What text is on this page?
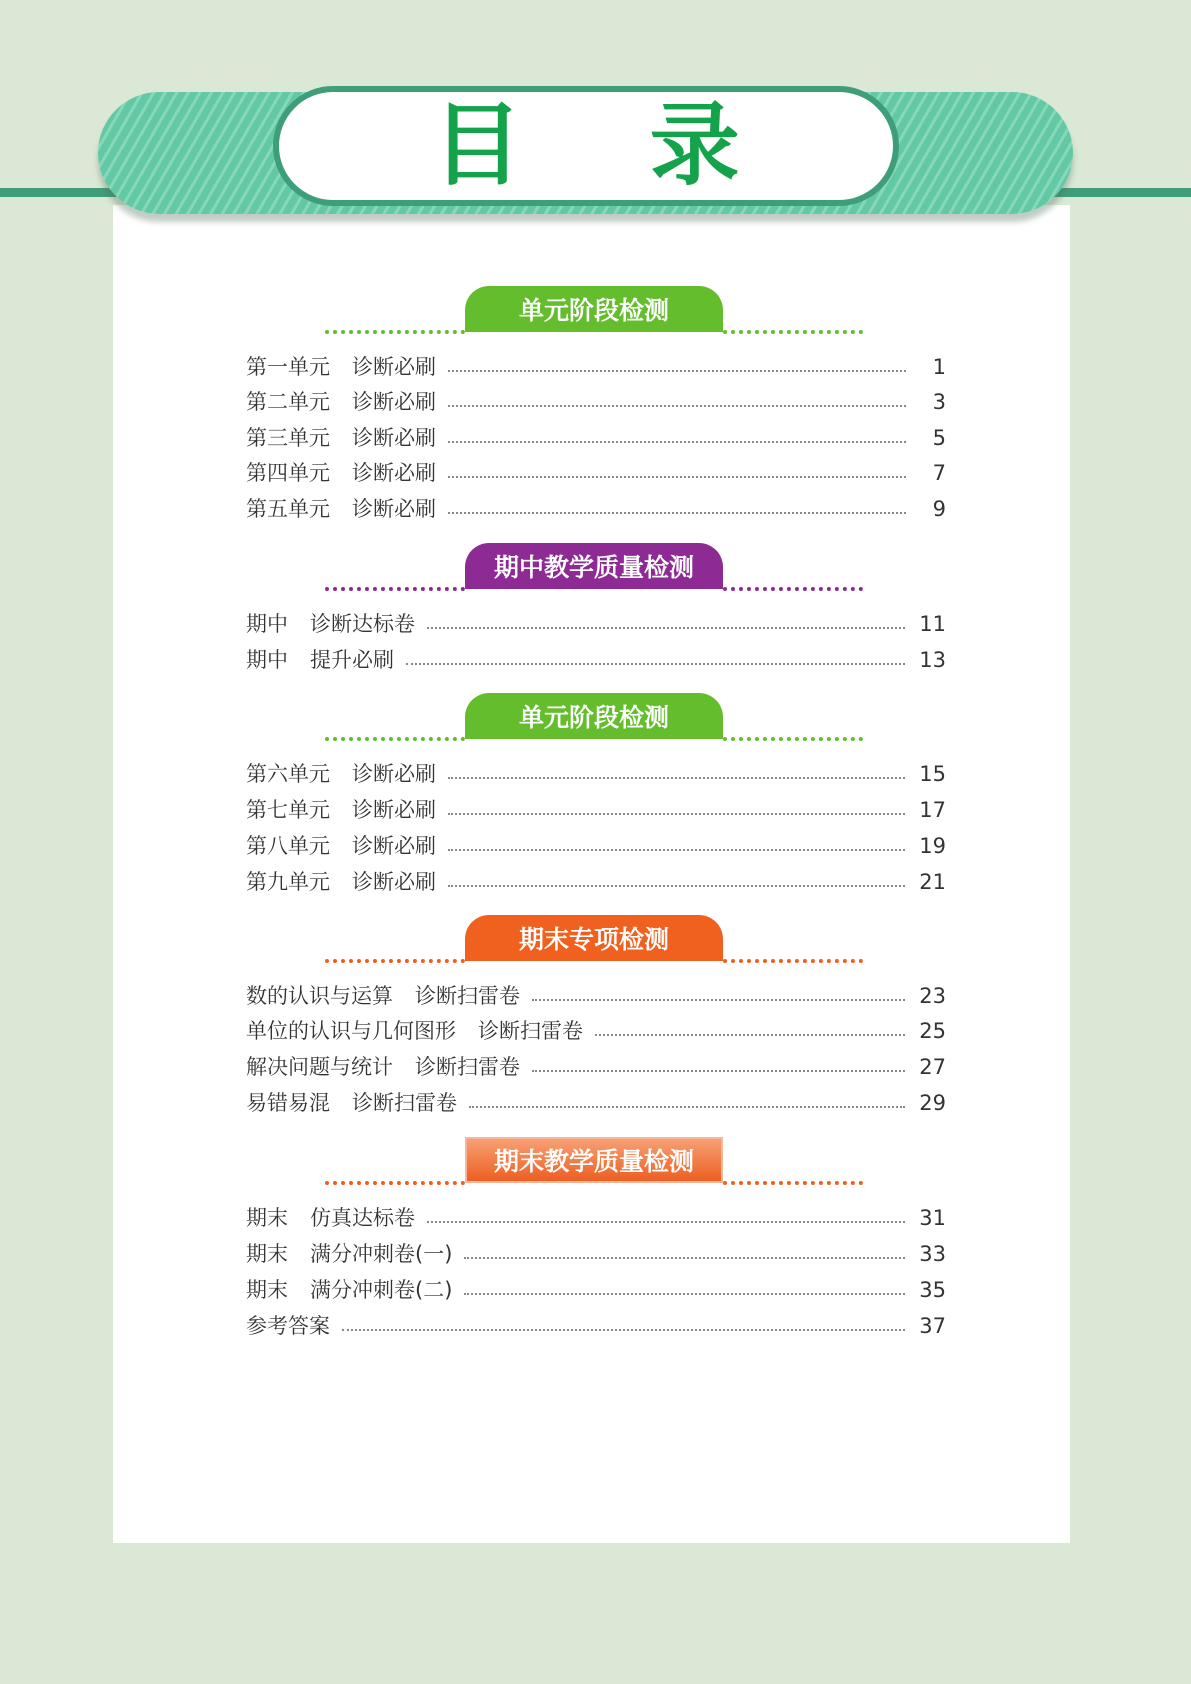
目 录
单元阶段检测
第一单元 诊断必刷	1
第二单元 诊断必刷	3
第三单元 诊断必刷	5
第四单元 诊断必刷	7
第五单元 诊断必刷	9
期中教学质量检测
期中 诊断达标卷	11
期中 提升必刷	13
单元阶段检测
第六单元 诊断必刷	15
第七单元 诊断必刷	17
第八单元 诊断必刷	19
第九单元 诊断必刷	21
期末专项检测
数的认识与运算 诊断扫雷卷	23
单位的认识与几何图形 诊断扫雷卷	25
解决问题与统计 诊断扫雷卷	27
易错易混 诊断扫雷卷	29
期末教学质量检测
期末 仿真达标卷	31
期末 满分冲刺卷(一)	33
期末 满分冲刺卷(二)	35
参考答案	37
